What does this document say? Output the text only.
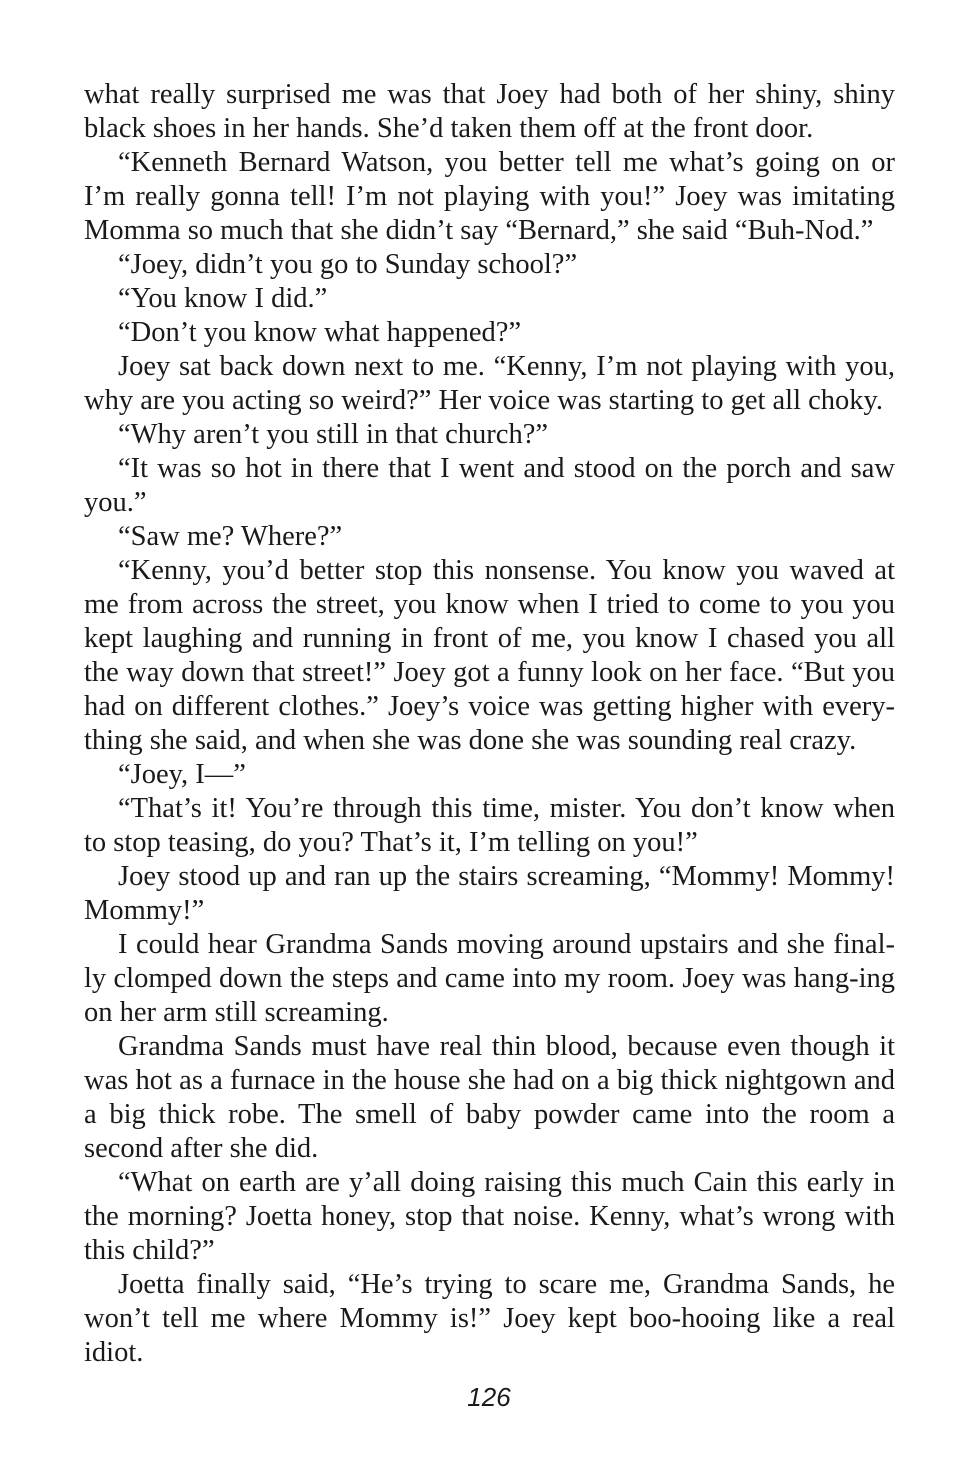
what really surprised me was that Joey had both of her shiny, shiny black shoes in her hands. She’d taken them off at the front door.

“Kenneth Bernard Watson, you better tell me what’s going on or I’m really gonna tell! I’m not playing with you!” Joey was imitating Momma so much that she didn’t say “Bernard,” she said “Buh-Nod.”

“Joey, didn’t you go to Sunday school?”

“You know I did.”

“Don’t you know what happened?”

Joey sat back down next to me. “Kenny, I’m not playing with you, why are you acting so weird?” Her voice was starting to get all choky.

“Why aren’t you still in that church?”

“It was so hot in there that I went and stood on the porch and saw you.”

“Saw me? Where?”

“Kenny, you’d better stop this nonsense. You know you waved at me from across the street, you know when I tried to come to you you kept laughing and running in front of me, you know I chased you all the way down that street!” Joey got a funny look on her face. “But you had on different clothes.” Joey’s voice was getting higher with every-thing she said, and when she was done she was sounding real crazy.

“Joey, I—”

“That’s it! You’re through this time, mister. You don’t know when to stop teasing, do you? That’s it, I’m telling on you!”

Joey stood up and ran up the stairs screaming, “Mommy! Mommy! Mommy!”

I could hear Grandma Sands moving around upstairs and she final-ly clomped down the steps and came into my room. Joey was hang-ing on her arm still screaming.

Grandma Sands must have real thin blood, because even though it was hot as a furnace in the house she had on a big thick nightgown and a big thick robe. The smell of baby powder came into the room a second after she did.

“What on earth are y’all doing raising this much Cain this early in the morning? Joetta honey, stop that noise. Kenny, what’s wrong with this child?”

Joetta finally said, “He’s trying to scare me, Grandma Sands, he won’t tell me where Mommy is!” Joey kept boo-hooing like a real idiot.

126
